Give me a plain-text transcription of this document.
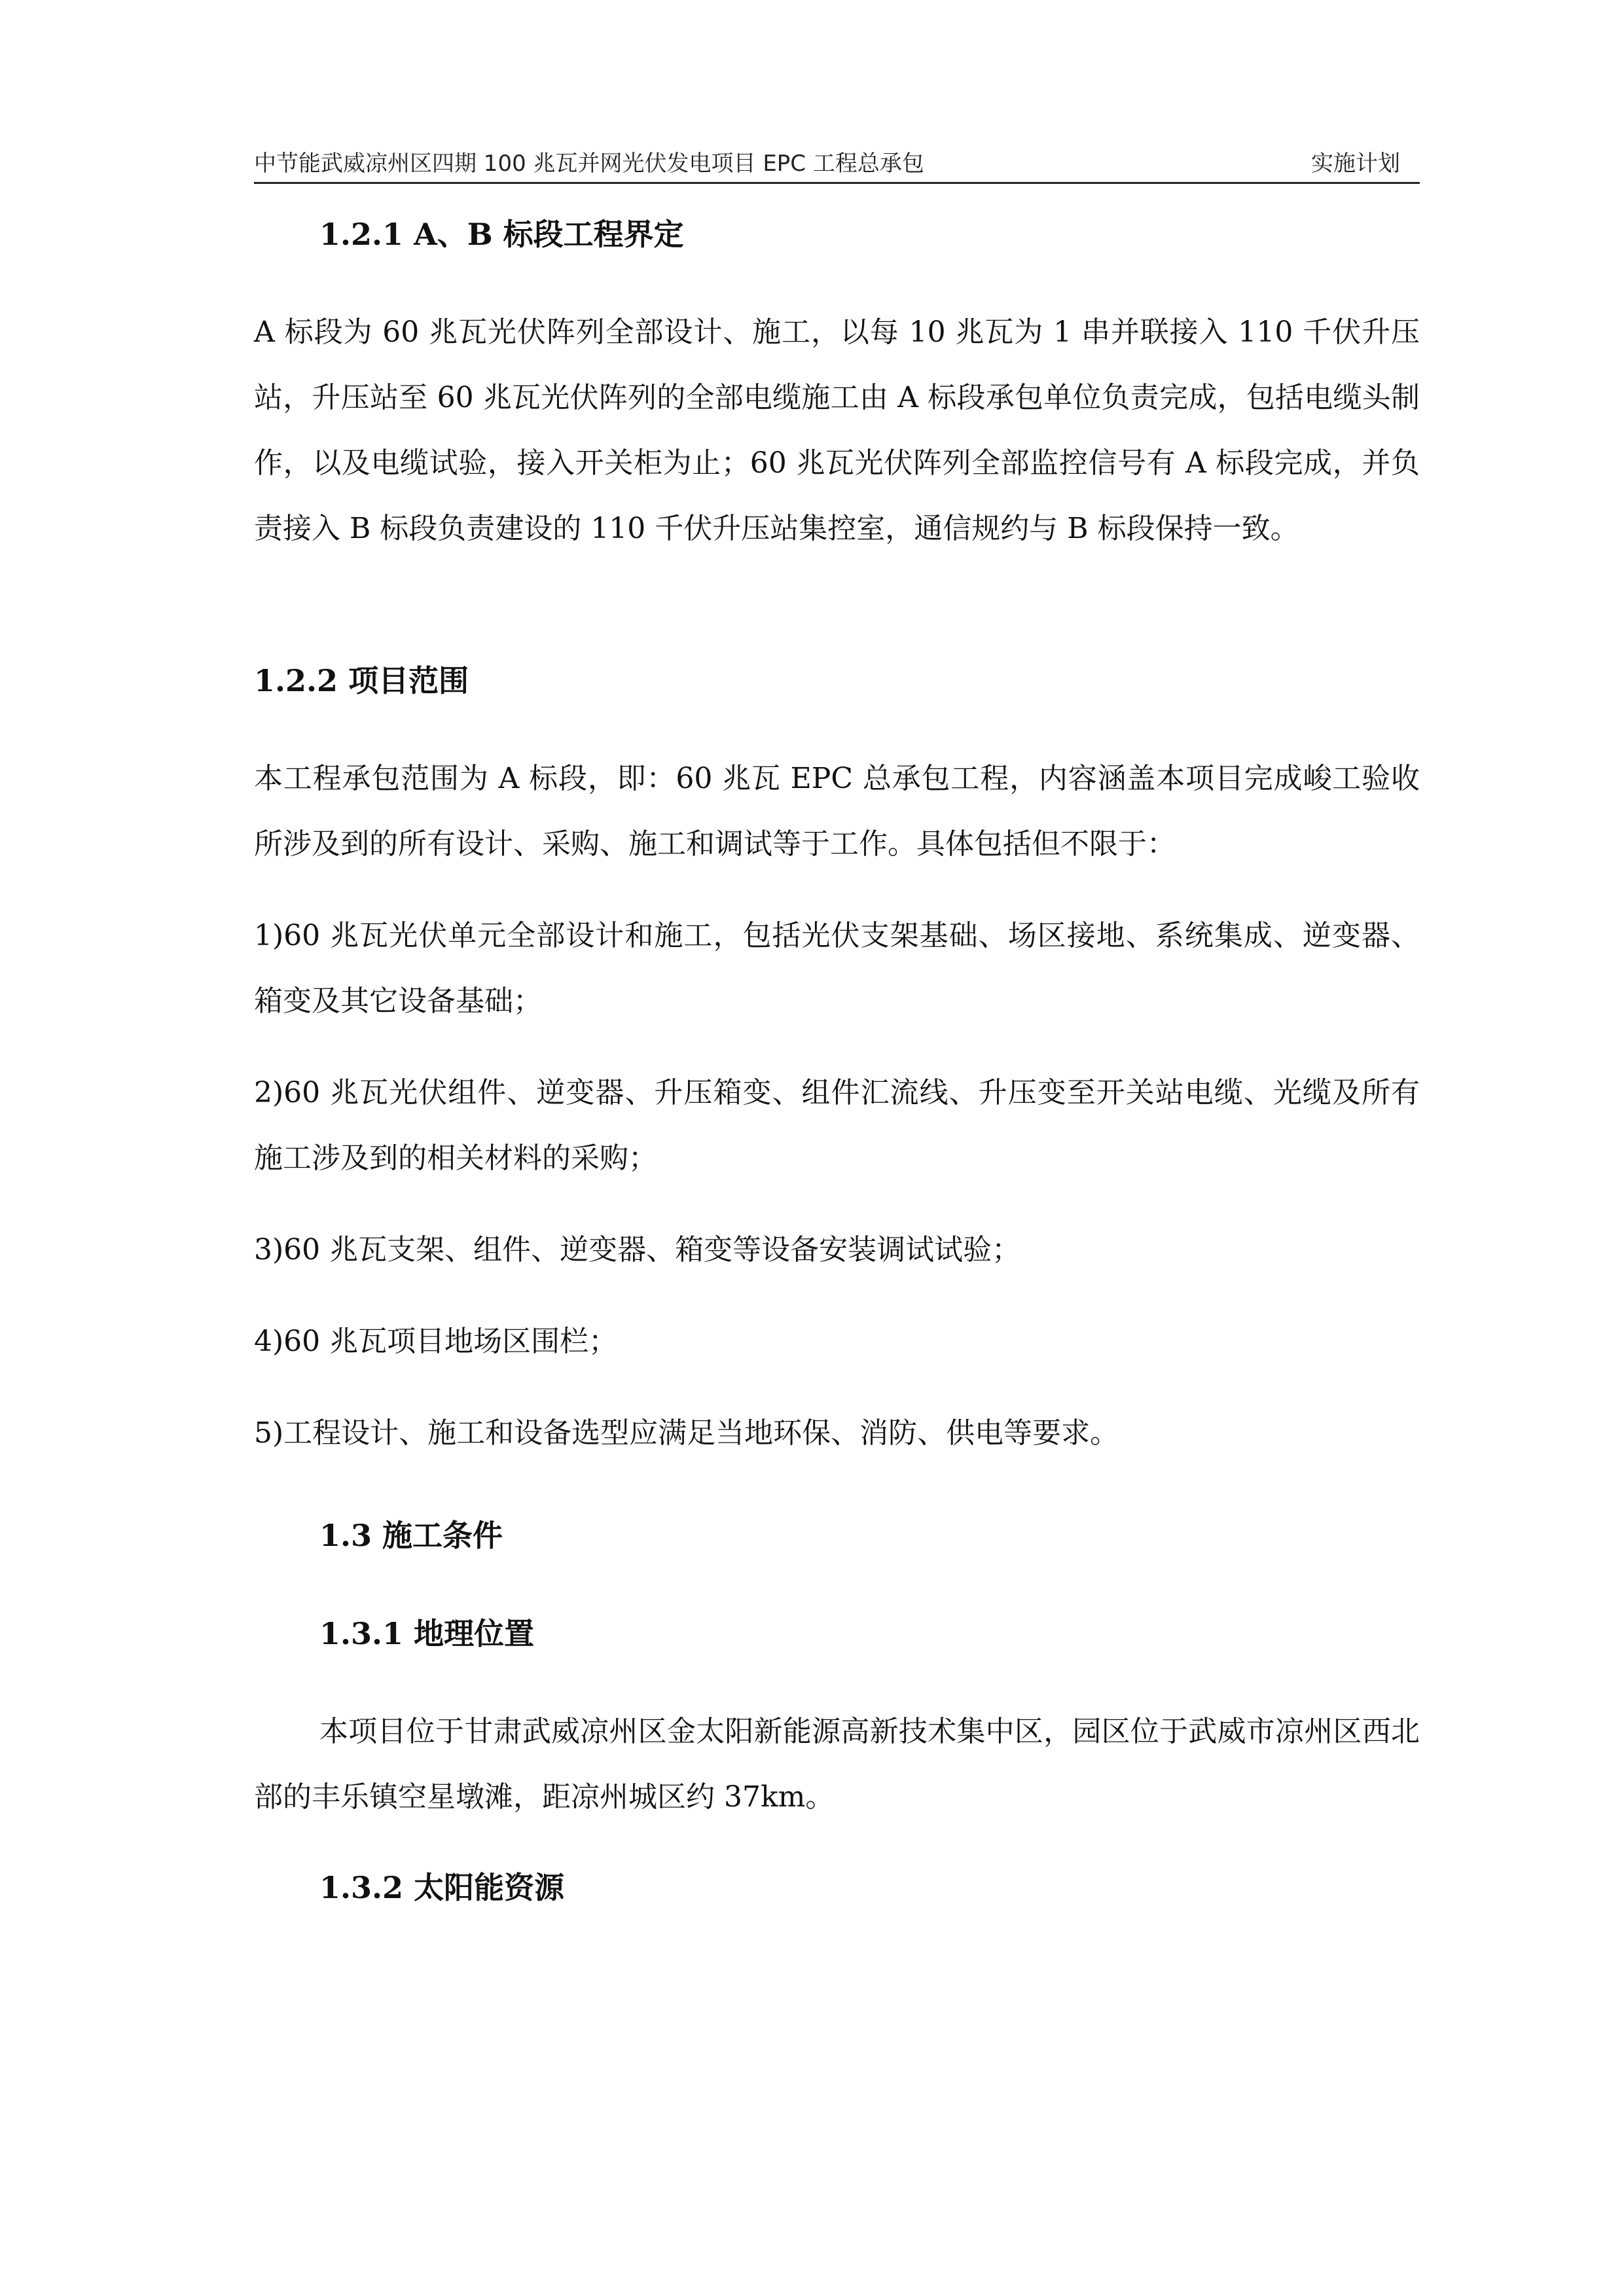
中节能武威凉州区四期 100 兆瓦并网光伏发电项目 EPC 工程总承包	实施计划
1.2.1 A、B 标段工程界定

A 标段为 60 兆瓦光伏阵列全部设计、施工，以每 10 兆瓦为 1 串并联接入 110 千伏升压站，升压站至 60 兆瓦光伏阵列的全部电缆施工由 A 标段承包单位负责完成，包括电缆头制作，以及电缆试验，接入开关柜为止；60 兆瓦光伏阵列全部监控信号有 A 标段完成，并负责接入 B 标段负责建设的 110 千伏升压站集控室，通信规约与 B 标段保持一致。

1.2.2 项目范围

本工程承包范围为 A 标段，即：60 兆瓦 EPC 总承包工程，内容涵盖本项目完成峻工验收所涉及到的所有设计、采购、施工和调试等于工作。具体包括但不限于：

1)60 兆瓦光伏单元全部设计和施工，包括光伏支架基础、场区接地、系统集成、逆变器、箱变及其它设备基础；

2)60 兆瓦光伏组件、逆变器、升压箱变、组件汇流线、升压变至开关站电缆、光缆及所有施工涉及到的相关材料的采购；

3)60 兆瓦支架、组件、逆变器、箱变等设备安装调试试验；

4)60 兆瓦项目地场区围栏；

5)工程设计、施工和设备选型应满足当地环保、消防、供电等要求。

1.3 施工条件
1.3.1 地理位置

本项目位于甘肃武威凉州区金太阳新能源高新技术集中区，园区位于武威市凉州区西北部的丰乐镇空星墩滩，距凉州城区约 37km。

1.3.2 太阳能资源
